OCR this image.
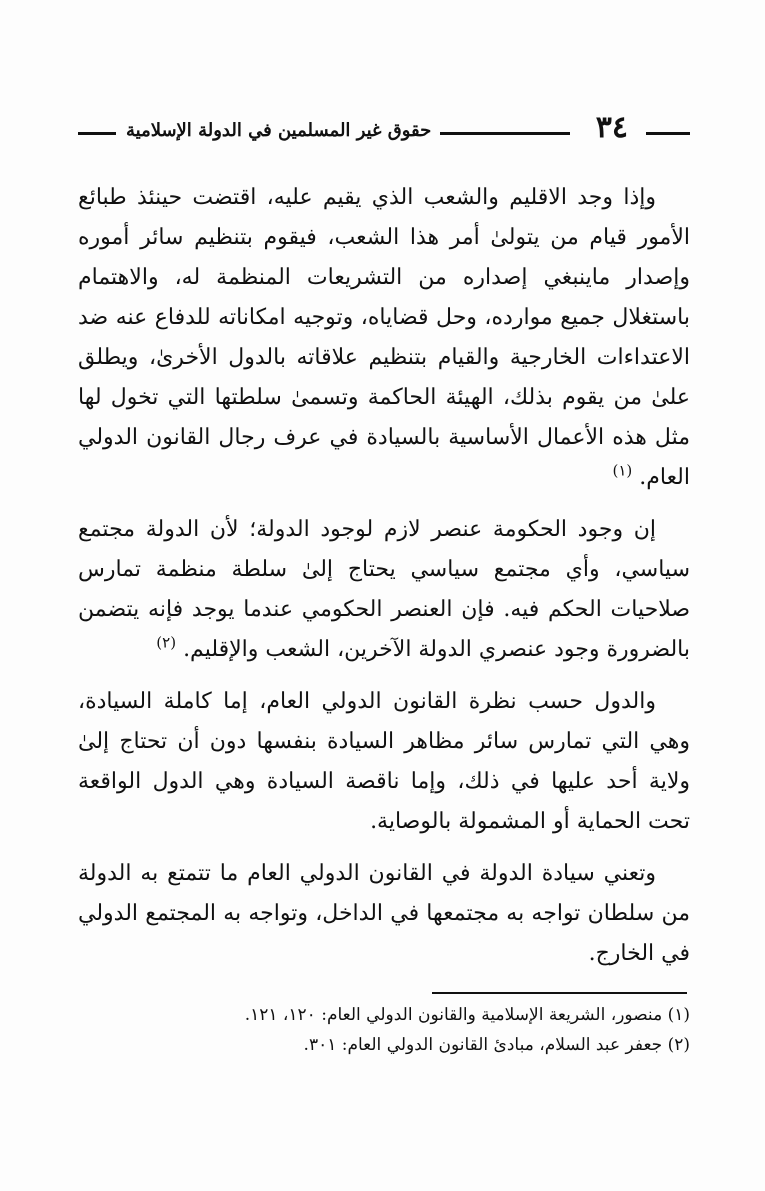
٣٤
حقوق غير المسلمين في الدولة الإسلامية

وإذا وجد الاقليم والشعب الذي يقيم عليه، اقتضت حينئذ طبائع الأمور قيام من يتولىٰ أمر هذا الشعب، فيقوم بتنظيم سائر أموره وإصدار ماينبغي إصداره من التشريعات المنظمة له، والاهتمام باستغلال جميع موارده، وحل قضاياه، وتوجيه امكاناته للدفاع عنه ضد الاعتداءات الخارجية والقيام بتنظيم علاقاته بالدول الأخرىٰ، ويطلق علىٰ من يقوم بذلك، الهيئة الحاكمة وتسمىٰ سلطتها التي تخول لها مثل هذه الأعمال الأساسية بالسيادة في عرف رجال القانون الدولي العام. $^{(١)}$

إن وجود الحكومة عنصر لازم لوجود الدولة؛ لأن الدولة مجتمع سياسي، وأي مجتمع سياسي يحتاج إلىٰ سلطة منظمة تمارس صلاحيات الحكم فيه. فإن العنصر الحكومي عندما يوجد فإنه يتضمن بالضرورة وجود عنصري الدولة الآخرين، الشعب والإقليم. $^{(٢)}$

والدول حسب نظرة القانون الدولي العام، إما كاملة السيادة، وهي التي تمارس سائر مظاهر السيادة بنفسها دون أن تحتاج إلىٰ ولاية أحد عليها في ذلك، وإما ناقصة السيادة وهي الدول الواقعة تحت الحماية أو المشمولة بالوصاية.

وتعني سيادة الدولة في القانون الدولي العام ما تتمتع به الدولة من سلطان تواجه به مجتمعها في الداخل، وتواجه به المجتمع الدولي في الخارج.

(١) منصور، الشريعة الإسلامية والقانون الدولي العام: ١٢٠، ١٢١.
(٢) جعفر عبد السلام، مبادئ القانون الدولي العام: ٣٠١.
